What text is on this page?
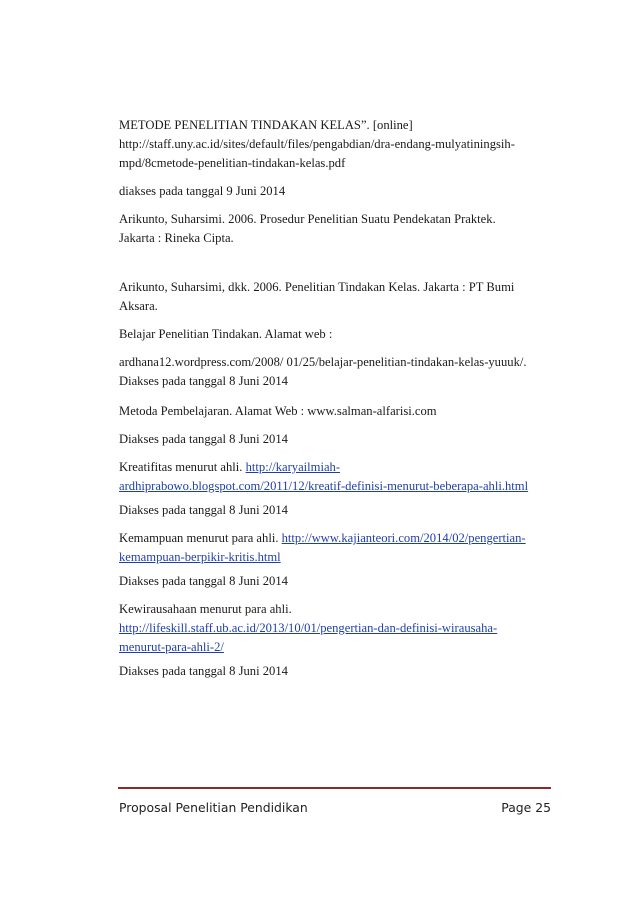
METODE PENELITIAN TINDAKAN KELAS”. [online]
http://staff.uny.ac.id/sites/default/files/pengabdian/dra-endang-mulyatiningsih-
mpd/8cmetode-penelitian-tindakan-kelas.pdf
diakses pada tanggal 9 Juni 2014
Arikunto, Suharsimi. 2006. Prosedur Penelitian Suatu Pendekatan Praktek.
Jakarta : Rineka Cipta.
Arikunto, Suharsimi, dkk. 2006. Penelitian Tindakan Kelas. Jakarta : PT Bumi
Aksara.
Belajar Penelitian Tindakan. Alamat web :
ardhana12.wordpress.com/2008/ 01/25/belajar-penelitian-tindakan-kelas-yuuuk/.
Diakses pada tanggal 8 Juni 2014
Metoda Pembelajaran. Alamat Web : www.salman-alfarisi.com
Diakses pada tanggal 8 Juni 2014
Kreatifitas menurut ahli. http://karyailmiah-
ardhiprabowo.blogspot.com/2011/12/kreatif-definisi-menurut-beberapa-ahli.html
Diakses pada tanggal 8 Juni 2014
Kemampuan menurut para ahli. http://www.kajianteori.com/2014/02/pengertian-
kemampuan-berpikir-kritis.html
Diakses pada tanggal 8 Juni 2014
Kewirausahaan menurut para ahli.
http://lifeskill.staff.ub.ac.id/2013/10/01/pengertian-dan-definisi-wirausaha-
menurut-para-ahli-2/
Diakses pada tanggal 8 Juni 2014
Proposal Penelitian Pendidikan	Page 25
